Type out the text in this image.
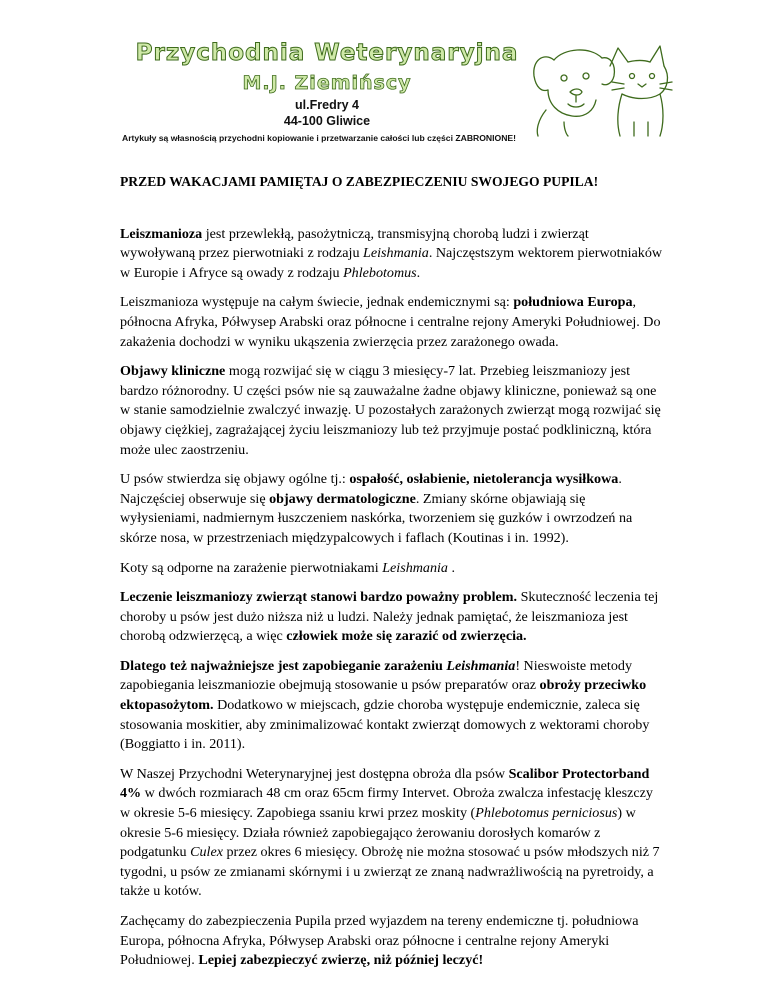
Przychodnia Weterynaryjna
M.J. Ziemińscy
ul.Fredry 4
44-100 Gliwice
Artykuły są własnością przychodni kopiowanie i przetwarzanie całości lub części ZABRONIONE!
PRZED WAKACJAMI PAMIĘTAJ O ZABEZPIECZENIU SWOJEGO PUPILA!

Leiszmanioza jest przewlekłą, pasożytniczą, transmisyjną chorobą ludzi i zwierząt wywoływaną przez pierwotniaki z rodzaju Leishmania. Najczęstszym wektorem pierwotniaków w Europie i Afryce są owady z rodzaju Phlebotomus.

Leiszmanioza występuje na całym świecie, jednak endemicznymi są: południowa Europa, północna Afryka, Półwysep Arabski oraz północne i centralne rejony Ameryki Południowej. Do zakażenia dochodzi w wyniku ukąszenia zwierzęcia przez zarażonego owada.

Objawy kliniczne mogą rozwijać się w ciągu 3 miesięcy-7 lat. Przebieg leiszmaniozy jest bardzo różnorodny. U części psów nie są zauważalne żadne objawy kliniczne, ponieważ są one w stanie samodzielnie zwalczyć inwazję. U pozostałych zarażonych zwierząt mogą rozwijać się objawy ciężkiej, zagrażającej życiu leiszmaniozy lub też przyjmuje postać podkliniczną, która może ulec zaostrzeniu.

U psów stwierdza się objawy ogólne tj.: ospałość, osłabienie, nietolerancja wysiłkowa. Najczęściej obserwuje się objawy dermatologiczne. Zmiany skórne objawiają się wyłysieniami, nadmiernym łuszczeniem naskórka, tworzeniem się guzków i owrzodzeń na skórze nosa, w przestrzeniach międzypalcowych i faflach (Koutinas i in. 1992).

Koty są odporne na zarażenie pierwotniakami Leishmania .

Leczenie leiszmaniozy zwierząt stanowi bardzo poważny problem. Skuteczność leczenia tej choroby u psów jest dużo niższa niż u ludzi. Należy jednak pamiętać, że leiszmanioza jest chorobą odzwierzęcą, a więc człowiek może się zarazić od zwierzęcia.

Dlatego też najważniejsze jest zapobieganie zarażeniu Leishmania! Nieswoiste metody zapobiegania leiszmaniozie obejmują stosowanie u psów preparatów oraz obroży przeciwko ektopasożytom. Dodatkowo w miejscach, gdzie choroba występuje endemicznie, zaleca się stosowania moskitier, aby zminimalizować kontakt zwierząt domowych z wektorami choroby (Boggiatto i in. 2011).

W Naszej Przychodni Weterynaryjnej jest dostępna obroża dla psów Scalibor Protectorband 4% w dwóch rozmiarach 48 cm oraz 65cm firmy Intervet. Obroża zwalcza infestację kleszczy w okresie 5-6 miesięcy. Zapobiega ssaniu krwi przez moskity (Phlebotomus perniciosus) w okresie 5-6 miesięcy. Działa również zapobiegająco żerowaniu dorosłych komarów z podgatunku Culex przez okres 6 miesięcy. Obrożę nie można stosować u psów młodszych niż 7 tygodni, u psów ze zmianami skórnymi i u zwierząt ze znaną nadwrażliwością na pyretroidy, a także u kotów.

Zachęcamy do zabezpieczenia Pupila przed wyjazdem na tereny endemiczne tj. południowa Europa, północna Afryka, Półwysep Arabski oraz północne i centralne rejony Ameryki Południowej. Lepiej zabezpieczyć zwierzę, niż później leczyć!
